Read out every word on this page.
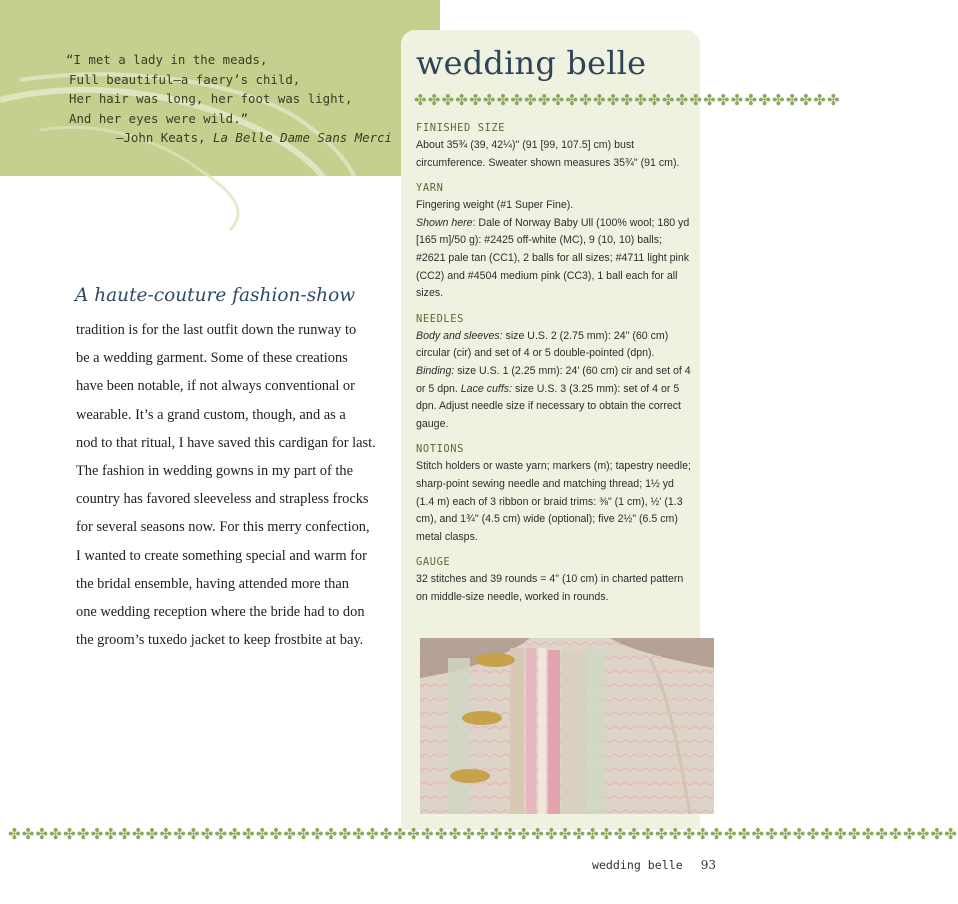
“I met a lady in the meads,
Full beautiful—a faery’s child,
Her hair was long, her foot was light,
And her eyes were wild.”
—John Keats, La Belle Dame Sans Merci
wedding belle
✤✤✤✤✤✤✤✤✤✤✤✤✤✤✤✤✤✤✤✤✤✤✤✤✤✤✤✤✤✤✤
FINISHED SIZE
About 35¾ (39, 42¼)" (91 [99, 107.5] cm) bust circumference. Sweater shown measures 35¾" (91 cm).
YARN
Fingering weight (#1 Super Fine).
Shown here: Dale of Norway Baby Ull (100% wool; 180 yd [165 m]/50 g): #2425 off-white (MC), 9 (10, 10) balls; #2621 pale tan (CC1), 2 balls for all sizes; #4711 light pink (CC2) and #4504 medium pink (CC3), 1 ball each for all sizes.
NEEDLES
Body and sleeves: size U.S. 2 (2.75 mm): 24" (60 cm) circular (cir) and set of 4 or 5 double-pointed (dpn). Binding: size U.S. 1 (2.25 mm): 24' (60 cm) cir and set of 4 or 5 dpn. Lace cuffs: size U.S. 3 (3.25 mm): set of 4 or 5 dpn. Adjust needle size if necessary to obtain the correct gauge.
NOTIONS
Stitch holders or waste yarn; markers (m); tapestry needle; sharp-point sewing needle and matching thread; 1½ yd (1.4 m) each of 3 ribbon or braid trims: ⅜" (1 cm), ½' (1.3 cm), and 1¾" (4.5 cm) wide (optional); five 2½" (6.5 cm) metal clasps.
GAUGE
32 stitches and 39 rounds = 4" (10 cm) in charted pattern on middle-size needle, worked in rounds.
A haute-couture fashion-show
tradition is for the last outfit down the runway to
be a wedding garment. Some of these creations
have been notable, if not always conventional or
wearable. It’s a grand custom, though, and as a
nod to that ritual, I have saved this cardigan for last.
The fashion in wedding gowns in my part of the
country has favored sleeveless and strapless frocks
for several seasons now. For this merry confection,
I wanted to create something special and warm for
the bridal ensemble, having attended more than
one wedding reception where the bride had to don
the groom’s tuxedo jacket to keep frostbite at bay.
✤✤✤✤✤✤✤✤✤✤✤✤✤✤✤✤✤✤✤✤✤✤✤✤✤✤✤✤✤✤✤✤✤✤✤✤✤✤✤✤✤✤✤✤✤✤✤✤✤✤✤✤✤✤✤✤✤✤✤✤✤✤✤✤✤✤✤✤✤
wedding belle 93
